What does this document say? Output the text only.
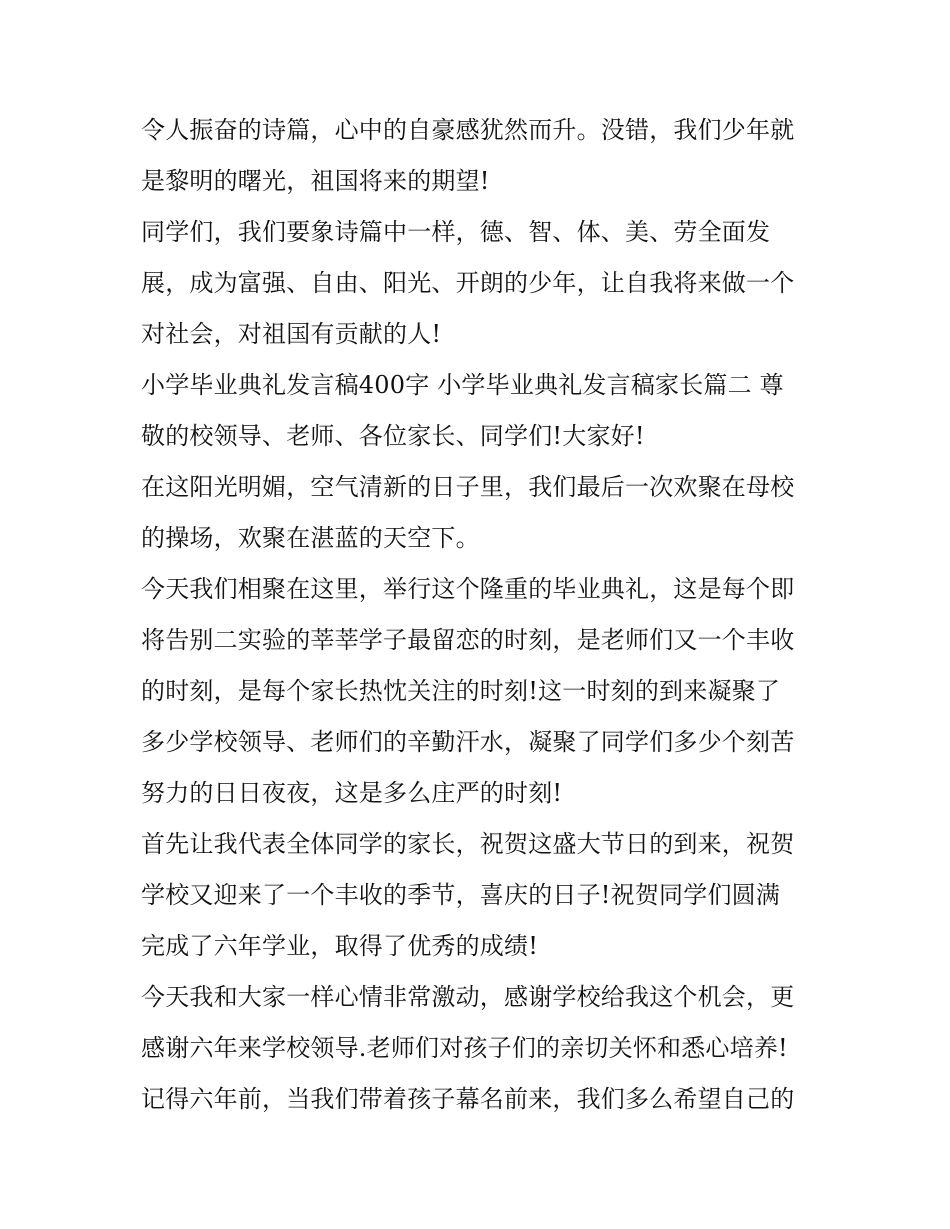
令人振奋的诗篇，心中的自豪感犹然而升。没错，我们少年就
是黎明的曙光，祖国将来的期望!
同学们，我们要象诗篇中一样，德、智、体、美、劳全面发
展，成为富强、自由、阳光、开朗的少年，让自我将来做一个
对社会，对祖国有贡献的人!
小学毕业典礼发言稿400字 小学毕业典礼发言稿家长篇二 尊
敬的校领导、老师、各位家长、同学们!大家好!
在这阳光明媚，空气清新的日子里，我们最后一次欢聚在母校
的操场，欢聚在湛蓝的天空下。
今天我们相聚在这里，举行这个隆重的毕业典礼，这是每个即
将告别二实验的莘莘学子最留恋的时刻，是老师们又一个丰收
的时刻，是每个家长热忱关注的时刻!这一时刻的到来凝聚了
多少学校领导、老师们的辛勤汗水，凝聚了同学们多少个刻苦
努力的日日夜夜，这是多么庄严的时刻!
首先让我代表全体同学的家长，祝贺这盛大节日的到来，祝贺
学校又迎来了一个丰收的季节，喜庆的日子!祝贺同学们圆满
完成了六年学业，取得了优秀的成绩!
今天我和大家一样心情非常激动，感谢学校给我这个机会，更
感谢六年来学校领导.老师们对孩子们的亲切关怀和悉心培养!
记得六年前，当我们带着孩子幕名前来，我们多么希望自己的
